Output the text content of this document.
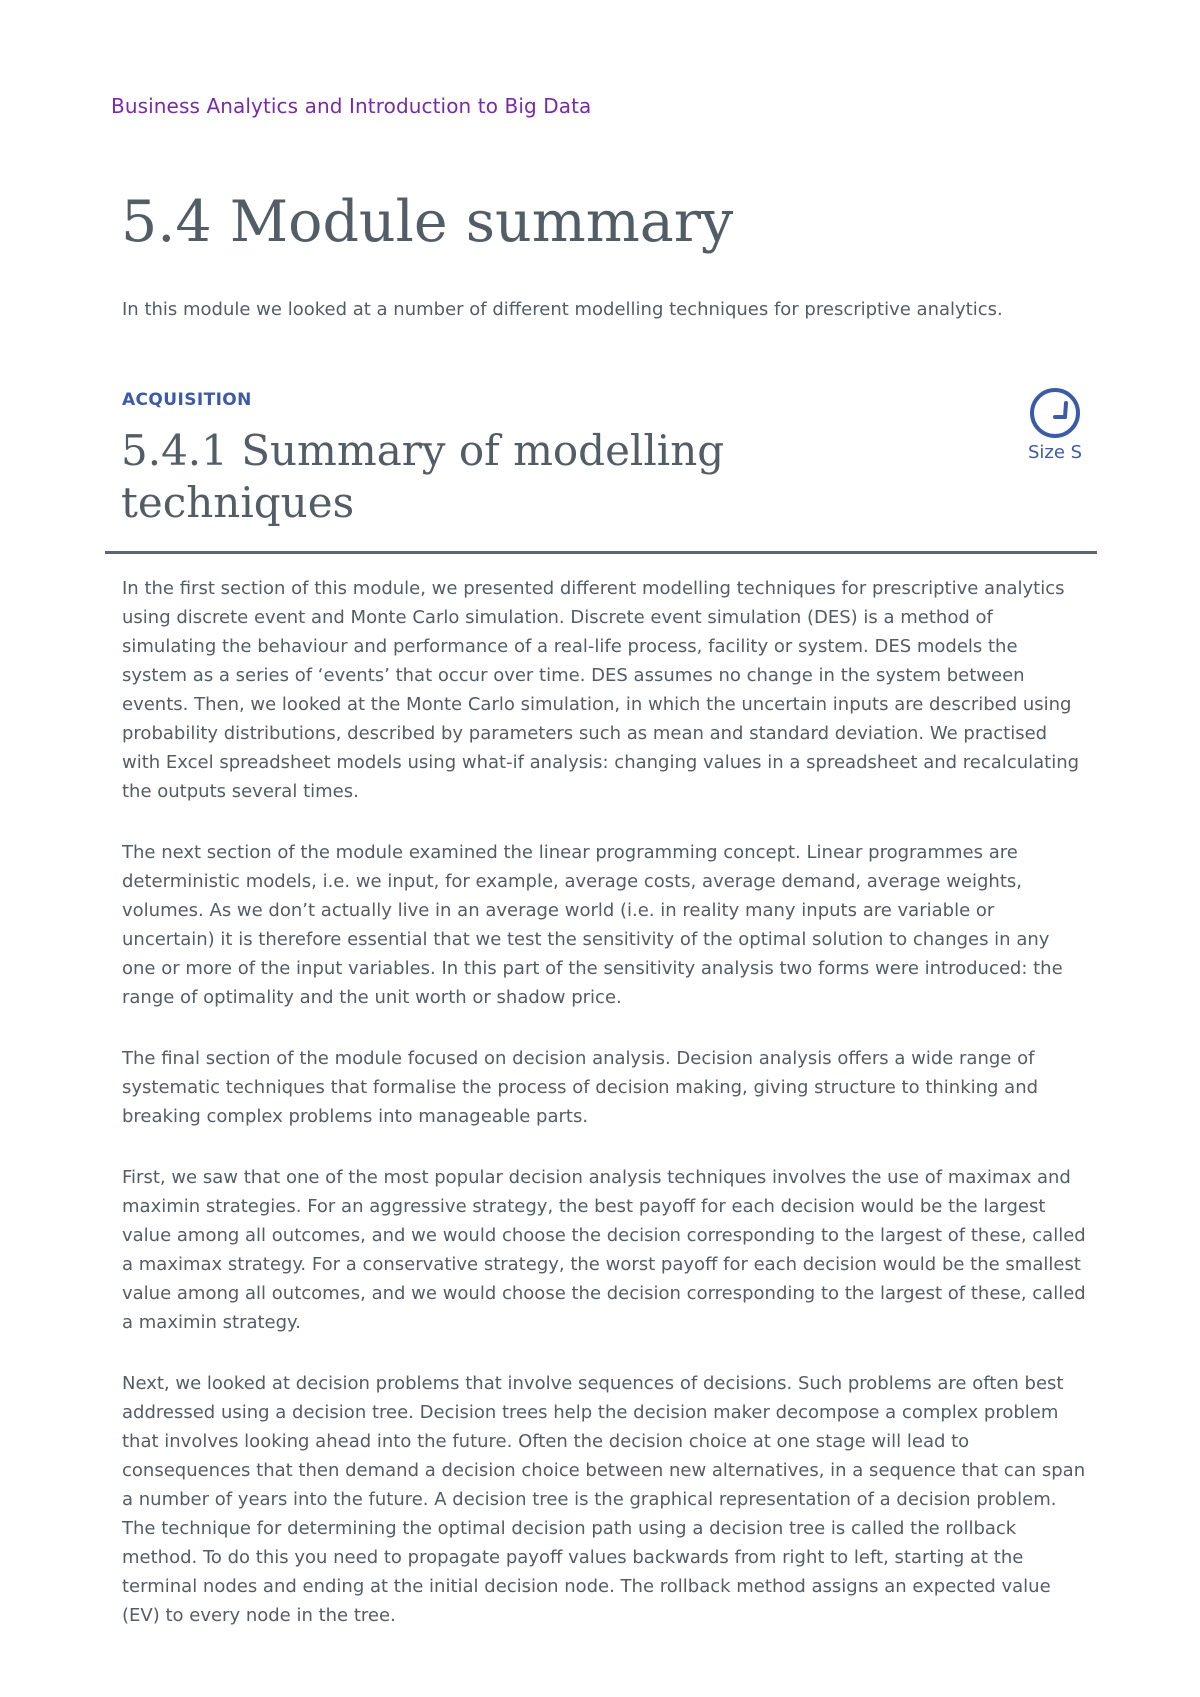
Business Analytics and Introduction to Big Data
5.4 Module summary

In this module we looked at a number of different modelling techniques for prescriptive analytics.

ACQUISITION
5.4.1 Summary of modelling techniques
Size S

In the first section of this module, we presented different modelling techniques for prescriptive analytics using discrete event and Monte Carlo simulation. Discrete event simulation (DES) is a method of simulating the behaviour and performance of a real-life process, facility or system. DES models the system as a series of ‘events’ that occur over time. DES assumes no change in the system between events. Then, we looked at the Monte Carlo simulation, in which the uncertain inputs are described using probability distributions, described by parameters such as mean and standard deviation. We practised with Excel spreadsheet models using what-if analysis: changing values in a spreadsheet and recalculating the outputs several times.

The next section of the module examined the linear programming concept. Linear programmes are deterministic models, i.e. we input, for example, average costs, average demand, average weights, volumes. As we don’t actually live in an average world (i.e. in reality many inputs are variable or uncertain) it is therefore essential that we test the sensitivity of the optimal solution to changes in any one or more of the input variables. In this part of the sensitivity analysis two forms were introduced: the range of optimality and the unit worth or shadow price.

The final section of the module focused on decision analysis. Decision analysis offers a wide range of systematic techniques that formalise the process of decision making, giving structure to thinking and breaking complex problems into manageable parts.

First, we saw that one of the most popular decision analysis techniques involves the use of maximax and maximin strategies. For an aggressive strategy, the best payoff for each decision would be the largest value among all outcomes, and we would choose the decision corresponding to the largest of these, called a maximax strategy. For a conservative strategy, the worst payoff for each decision would be the smallest value among all outcomes, and we would choose the decision corresponding to the largest of these, called a maximin strategy.

Next, we looked at decision problems that involve sequences of decisions. Such problems are often best addressed using a decision tree. Decision trees help the decision maker decompose a complex problem that involves looking ahead into the future. Often the decision choice at one stage will lead to consequences that then demand a decision choice between new alternatives, in a sequence that can span a number of years into the future. A decision tree is the graphical representation of a decision problem. The technique for determining the optimal decision path using a decision tree is called the rollback method. To do this you need to propagate payoff values backwards from right to left, starting at the terminal nodes and ending at the initial decision node. The rollback method assigns an expected value (EV) to every node in the tree.
